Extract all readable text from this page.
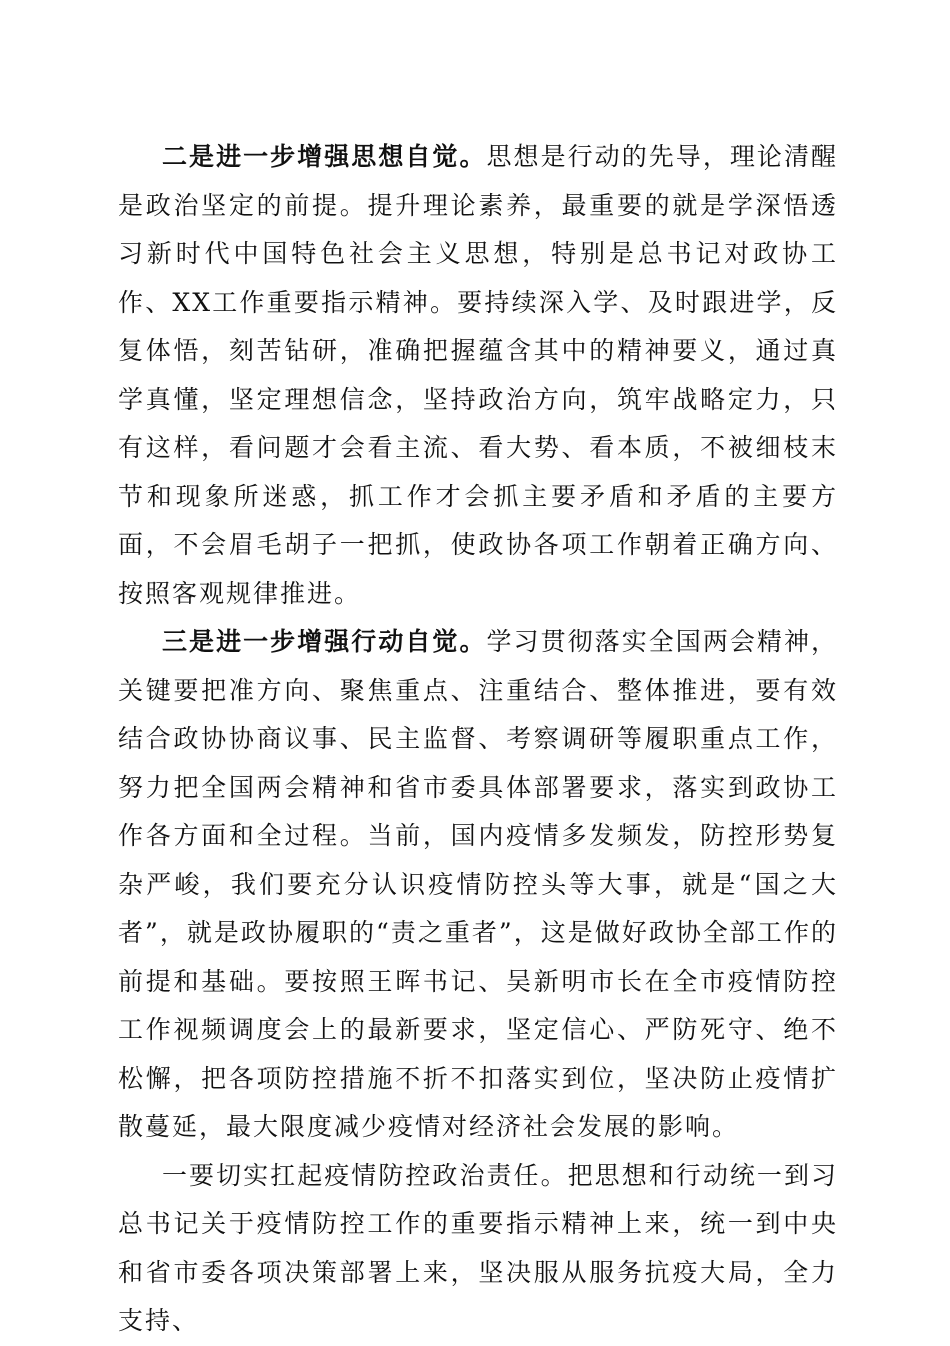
二是进一步增强思想自觉。思想是行动的先导，理论清醒是政治坚定的前提。提升理论素养，最重要的就是学深悟透习新时代中国特色社会主义思想，特别是总书记对政协工作、XX工作重要指示精神。要持续深入学、及时跟进学，反复体悟，刻苦钻研，准确把握蕴含其中的精神要义，通过真学真懂，坚定理想信念，坚持政治方向，筑牢战略定力，只有这样，看问题才会看主流、看大势、看本质，不被细枝末节和现象所迷惑，抓工作才会抓主要矛盾和矛盾的主要方面，不会眉毛胡子一把抓，使政协各项工作朝着正确方向、按照客观规律推进。

三是进一步增强行动自觉。学习贯彻落实全国两会精神，关键要把准方向、聚焦重点、注重结合、整体推进，要有效结合政协协商议事、民主监督、考察调研等履职重点工作，努力把全国两会精神和省市委具体部署要求，落实到政协工作各方面和全过程。当前，国内疫情多发频发，防控形势复杂严峻，我们要充分认识疫情防控头等大事，就是“国之大者”，就是政协履职的“责之重者”，这是做好政协全部工作的前提和基础。要按照王晖书记、吴新明市长在全市疫情防控工作视频调度会上的最新要求，坚定信心、严防死守、绝不松懈，把各项防控措施不折不扣落实到位，坚决防止疫情扩散蔓延，最大限度减少疫情对经济社会发展的影响。

一要切实扛起疫情防控政治责任。把思想和行动统一到习总书记关于疫情防控工作的重要指示精神上来，统一到中央和省市委各项决策部署上来，坚决服从服务抗疫大局，全力支持、
